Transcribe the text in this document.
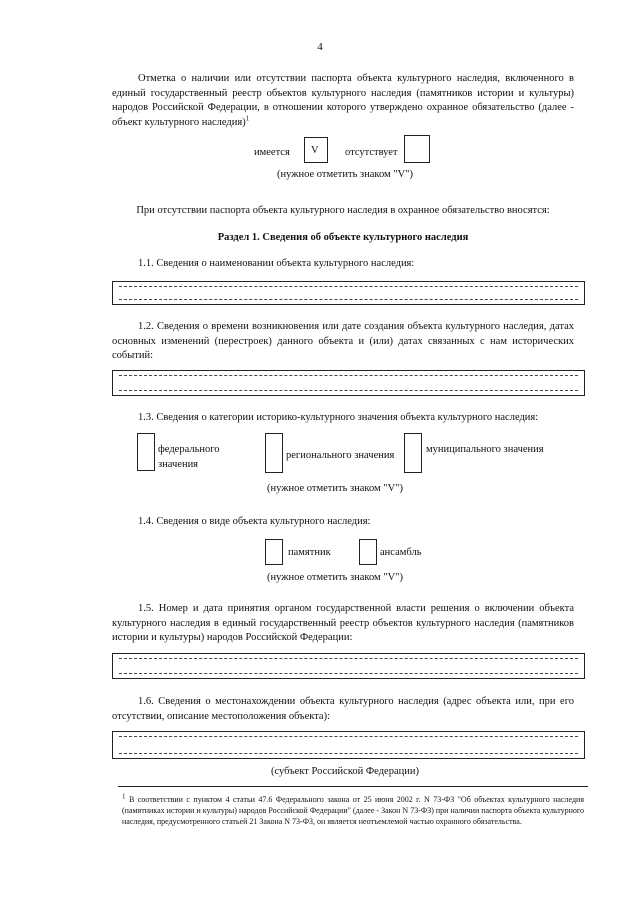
4
Отметка о наличии или отсутствии паспорта объекта культурного наследия, включенного в единый государственный реестр объектов культурного наследия (памятников истории и культуры) народов Российской Федерации, в отношении которого утверждено охранное обязательство (далее - объект культурного наследия)$^1$
имеется V	отсутствует
(нужное отметить знаком "V")
При отсутствии паспорта объекта культурного наследия в охранное обязательство вносятся:
Раздел 1. Сведения об объекте культурного наследия
1.1. Сведения о наименовании объекта культурного наследия:
1.2. Сведения о времени возникновения или дате создания объекта культурного наследия, датах основных изменений (перестроек) данного объекта и (или) датах связанных с нам исторических событий:
1.3. Сведения о категории историко-культурного значения объекта культурного наследия:
федерального
значения
регионального значения
муниципального значения
(нужное отметить знаком "V")
1.4. Сведения о виде объекта культурного наследия:
памятник	ансамбль
(нужное отметить знаком "V")
1.5. Номер и дата принятия органом государственной власти решения о включении объекта культурного наследия в единый государственный реестр объектов культурного наследия (памятников истории и культуры) народов Российской Федерации:
1.6. Сведения о местонахождении объекта культурного наследия (адрес объекта или, при его отсутствии, описание местоположения объекта):
(субъект Российской Федерации)
$^1$ В соответствии с пунктом 4 статьи 47.6 Федерального закона от 25 июня 2002 г. N 73-ФЗ "Об объектах культурного наследия (памятниках истории и культуры) народов Российской Федерации" (далее - Закон N 73-ФЗ) при наличии паспорта объекта культурного наследия, предусмотренного статьей 21 Закона N 73-ФЗ, он является неотъемлемой частью охранного обязательства.
